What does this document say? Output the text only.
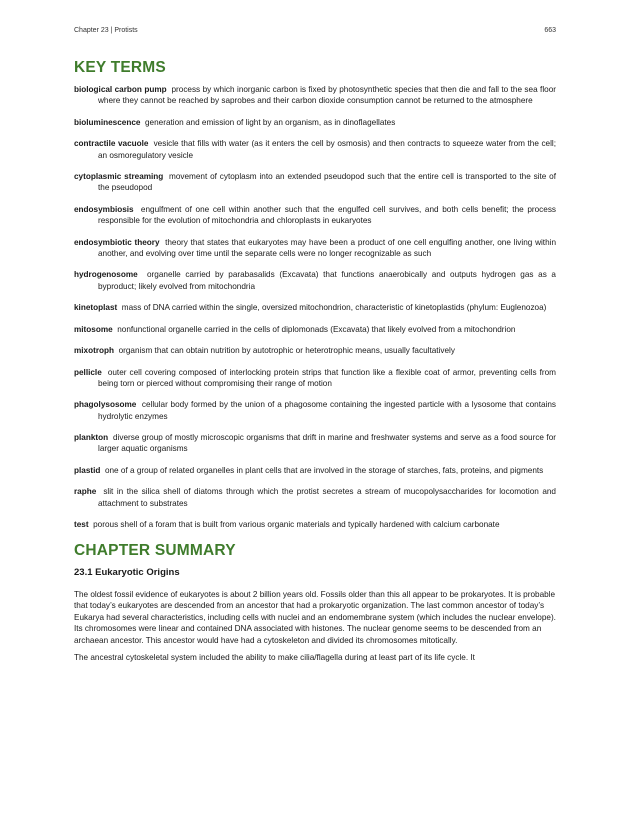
Chapter 23 | Protists	663
KEY TERMS

biological carbon pump process by which inorganic carbon is fixed by photosynthetic species that then die and fall to the sea floor where they cannot be reached by saprobes and their carbon dioxide consumption cannot be returned to the atmosphere

bioluminescence generation and emission of light by an organism, as in dinoflagellates

contractile vacuole vesicle that fills with water (as it enters the cell by osmosis) and then contracts to squeeze water from the cell; an osmoregulatory vesicle

cytoplasmic streaming movement of cytoplasm into an extended pseudopod such that the entire cell is transported to the site of the pseudopod

endosymbiosis engulfment of one cell within another such that the engulfed cell survives, and both cells benefit; the process responsible for the evolution of mitochondria and chloroplasts in eukaryotes

endosymbiotic theory theory that states that eukaryotes may have been a product of one cell engulfing another, one living within another, and evolving over time until the separate cells were no longer recognizable as such

hydrogenosome organelle carried by parabasalids (Excavata) that functions anaerobically and outputs hydrogen gas as a byproduct; likely evolved from mitochondria

kinetoplast mass of DNA carried within the single, oversized mitochondrion, characteristic of kinetoplastids (phylum: Euglenozoa)

mitosome nonfunctional organelle carried in the cells of diplomonads (Excavata) that likely evolved from a mitochondrion

mixotroph organism that can obtain nutrition by autotrophic or heterotrophic means, usually facultatively

pellicle outer cell covering composed of interlocking protein strips that function like a flexible coat of armor, preventing cells from being torn or pierced without compromising their range of motion

phagolysosome cellular body formed by the union of a phagosome containing the ingested particle with a lysosome that contains hydrolytic enzymes

plankton diverse group of mostly microscopic organisms that drift in marine and freshwater systems and serve as a food source for larger aquatic organisms

plastid one of a group of related organelles in plant cells that are involved in the storage of starches, fats, proteins, and pigments

raphe slit in the silica shell of diatoms through which the protist secretes a stream of mucopolysaccharides for locomotion and attachment to substrates

test porous shell of a foram that is built from various organic materials and typically hardened with calcium carbonate

CHAPTER SUMMARY
23.1 Eukaryotic Origins

The oldest fossil evidence of eukaryotes is about 2 billion years old. Fossils older than this all appear to be prokaryotes. It is probable that today’s eukaryotes are descended from an ancestor that had a prokaryotic organization. The last common ancestor of today’s Eukarya had several characteristics, including cells with nuclei and an endomembrane system (which includes the nuclear envelope). Its chromosomes were linear and contained DNA associated with histones. The nuclear genome seems to be descended from an archaean ancestor. This ancestor would have had a cytoskeleton and divided its chromosomes mitotically.

The ancestral cytoskeletal system included the ability to make cilia/flagella during at least part of its life cycle. It
